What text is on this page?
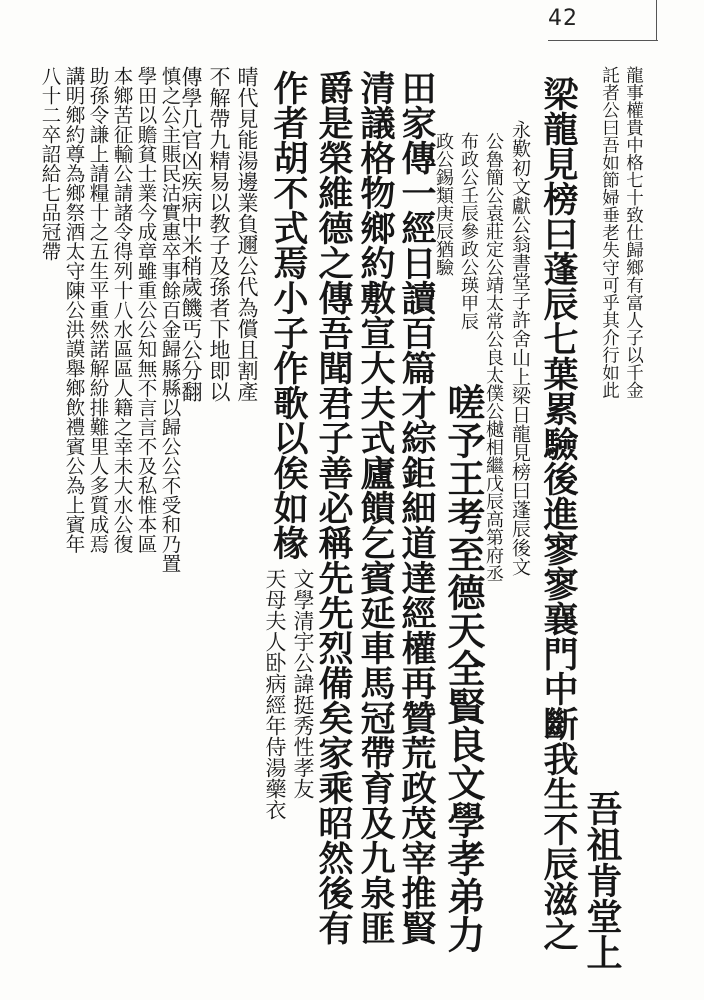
42
龍事權貴中格七十致仕歸鄉有富人子以千金
託者公曰吾如節婦垂老失守可乎其介行如此
吾祖肯堂上
梁龍見榜曰蓬辰七葉累驗後進寥寥襄門中斷我生不辰滋之
永歎初文獻公翁書堂子許舍山上梁日龍見榜曰蓬辰後文
公魯簡公袁莊定公靖太常公良太僕公樾相繼戊辰高第府丞
布政公壬辰參政公瑛甲辰
政公錫類庚辰猶驗
嗟予王考至德天全賢良文學孝弟力
田家傳一經日讀百篇才綜鉅細道達經權再贊荒政茂宰推賢
清議格物鄉約敷宣大夫式廬饋乞賓延車馬冠帶育及九泉匪
爵是榮維德之傳吾聞君子善必稱先先烈備矣家乘昭然後有
作者胡不式焉小子作歌以俟如椽
文學清宇公諱挺秀性孝友
天母夫人卧病經年侍湯藥衣
晴代見能湯邊業負邇公代為償且割產
不解帶九精易以教子及孫者下地即以
傳學几官凶疾病中米稍歲饑丐公分翻
慎之公主賬民沽實惠卒事餘百金歸縣縣以歸公公不受和乃置
學田以贍貧士業今成章雖重公公知無不言言不及私惟本區
本鄉苦征輸公請諸令得列十八水區區人籍之幸未大水公復
助孫令謙上請糧十之五生平重然諾解紛排難里人多質成焉
講明鄉約尊為鄉祭酒太守陳公洪謨舉鄉飲禮賓公為上賓年
八十二卒詔給七品冠帶
